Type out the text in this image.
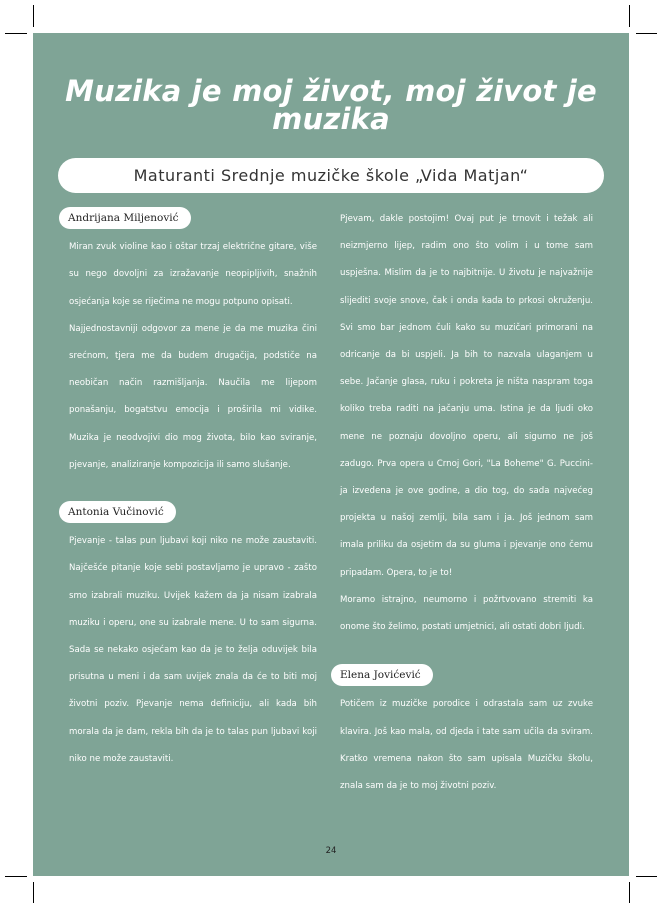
Muzika je moj život, moj život je muzika
Maturanti Srednje muzičke škole „Vida Matjan“
Andrijana Miljenović

Miran zvuk violine kao i oštar trzaj električne gitare, više su nego dovoljni za izražavanje neopipljivih, snažnih osjećanja koje se riječima ne mogu potpuno opisati.

Najjednostavniji odgovor za mene je da me muzika čini srećnom, tjera me da budem drugačija, podstiče na neobičan način razmišljanja. Naučila me lijepom ponašanju, bogatstvu emocija i proširila mi vidike. Muzika je neodvojivi dio mog života, bilo kao sviranje, pjevanje, analiziranje kompozicija ili samo slušanje.

Antonia Vučinović

Pjevanje - talas pun ljubavi koji niko ne može zaustaviti. Najčešće pitanje koje sebi postavljamo je upravo - zašto smo izabrali muziku. Uvijek kažem da ja nisam izabrala muziku i operu, one su izabrale mene. U to sam sigurna. Sada se nekako osjećam kao da je to želja oduvijek bila prisutna u meni i da sam uvijek znala da će to biti moj životni poziv. Pjevanje nema definiciju, ali kada bih morala da je dam, rekla bih da je to talas pun ljubavi koji niko ne može zaustaviti.

Pjevam, dakle postojim! Ovaj put je trnovit i težak ali neizmjerno lijep, radim ono što volim i u tome sam uspješna. Mislim da je to najbitnije. U životu je najvažnije slijediti svoje snove, čak i onda kada to prkosi okruženju. Svi smo bar jednom čuli kako su muzičari primorani na odricanje da bi uspjeli. Ja bih to nazvala ulaganjem u sebe. Jačanje glasa, ruku i pokreta je ništa naspram toga koliko treba raditi na jačanju uma. Istina je da ljudi oko mene ne poznaju dovoljno operu, ali sigurno ne još zadugo. Prva opera u Crnoj Gori, "La Boheme" G. Puccini-ja izvedena je ove godine, a dio tog, do sada najvećeg projekta u našoj zemlji, bila sam i ja. Još jednom sam imala priliku da osjetim da su gluma i pjevanje ono čemu pripadam. Opera, to je to!

Moramo istrajno, neumorno i požrtvovano stremiti ka onome što želimo, postati umjetnici, ali ostati dobri ljudi.

Elena Jovićević

Potičem iz muzičke porodice i odrastala sam uz zvuke klavira. Još kao mala, od djeda i tate sam učila da sviram. Kratko vremena nakon što sam upisala Muzičku školu, znala sam da je to moj životni poziv.

24
